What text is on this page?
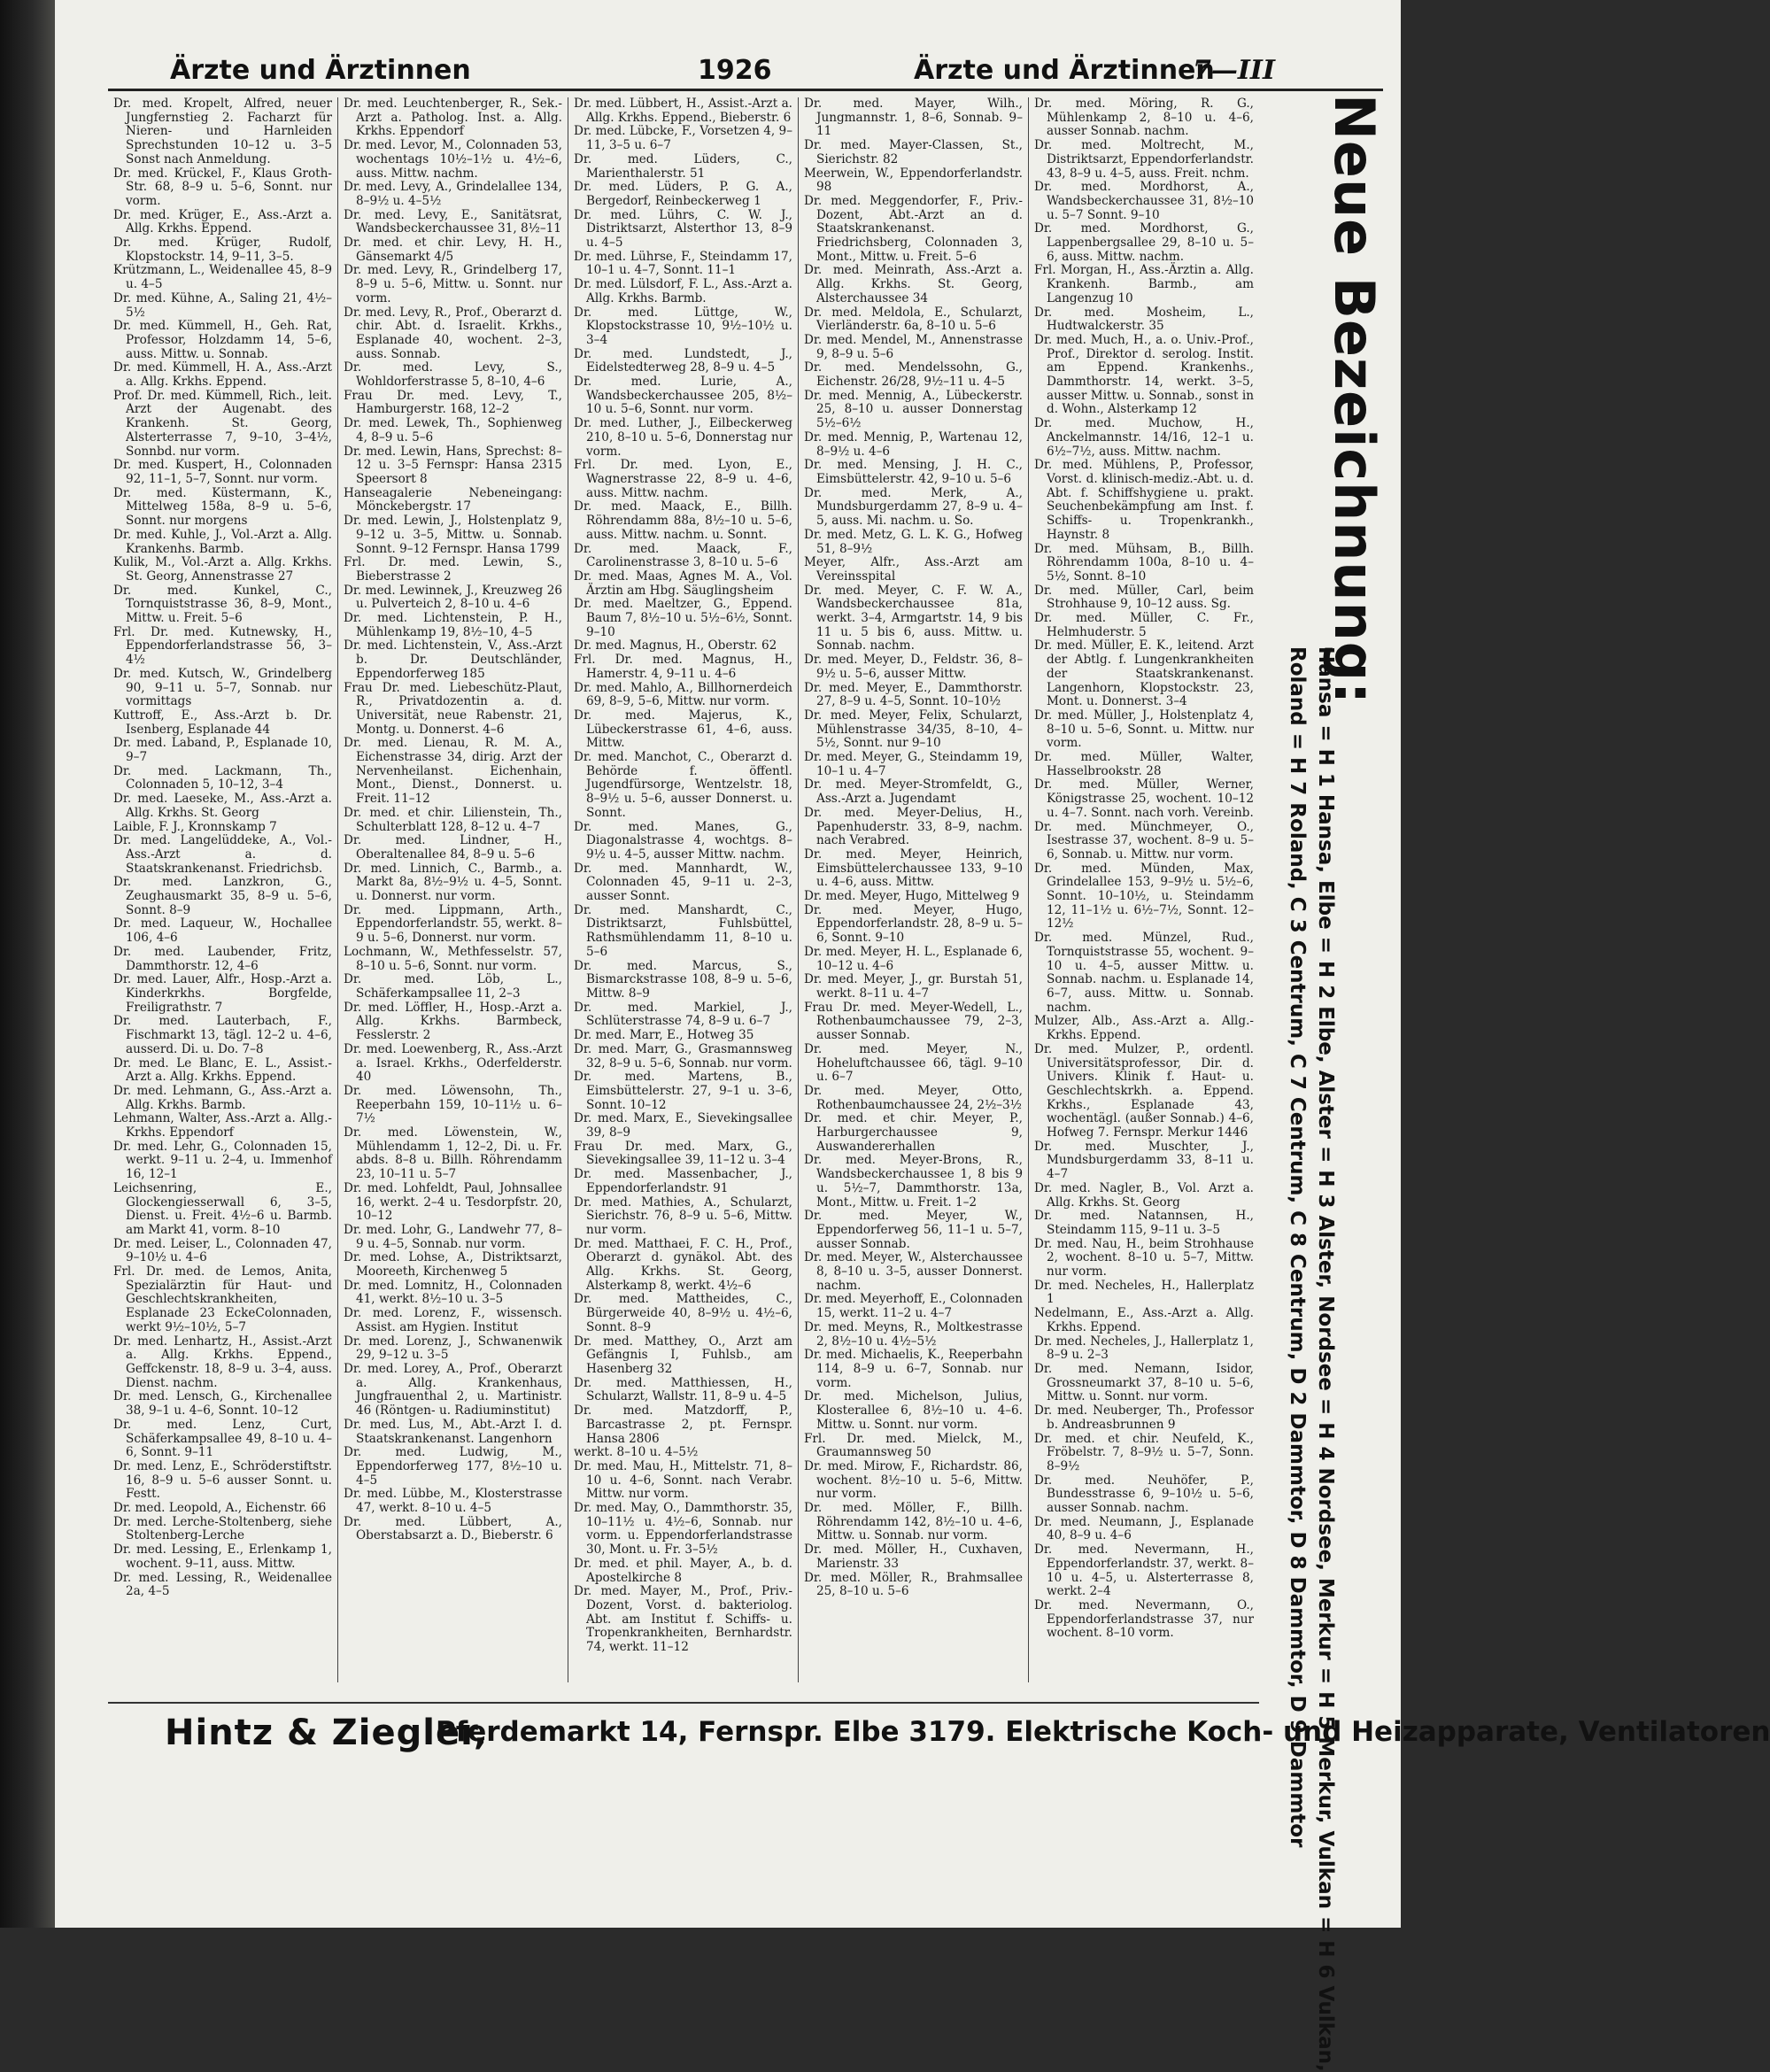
Ärzte und Ärztinnen	1926	Ärzte und Ärztinnen
7—III

Dr. med. Kropelt, Alfred, neuer Jungfernstieg 2. Facharzt für Nieren- und Harnleiden Sprechstunden 10–12 u. 3–5 Sonst nach Anmeldung.

Dr. med. Krückel, F., Klaus Groth-Str. 68, 8–9 u. 5–6, Sonnt. nur vorm.

Dr. med. Krüger, E., Ass.-Arzt a. Allg. Krkhs. Eppend.

Dr. med. Krüger, Rudolf, Klopstockstr. 14, 9–11, 3–5.

Krützmann, L., Weidenallee 45, 8–9 u. 4–5

Dr. med. Kühne, A., Saling 21, 4½–5½

Dr. med. Kümmell, H., Geh. Rat, Professor, Holzdamm 14, 5–6, auss. Mittw. u. Sonnab.

Dr. med. Kümmell, H. A., Ass.-Arzt a. Allg. Krkhs. Eppend.

Prof. Dr. med. Kümmell, Rich., leit. Arzt der Augenabt. des Krankenh. St. Georg, Alsterterrasse 7, 9–10, 3–4½, Sonnbd. nur vorm.

Dr. med. Kuspert, H., Colonnaden 92, 11–1, 5–7, Sonnt. nur vorm.

Dr. med. Küstermann, K., Mittelweg 158a, 8–9 u. 5–6, Sonnt. nur morgens

Dr. med. Kuhle, J., Vol.-Arzt a. Allg. Krankenhs. Barmb.

Kulik, M., Vol.-Arzt a. Allg. Krkhs. St. Georg, Annenstrasse 27

Dr. med. Kunkel, C., Tornquiststrasse 36, 8–9, Mont., Mittw. u. Freit. 5–6

Frl. Dr. med. Kutnewsky, H., Eppendorferlandstrasse 56, 3–4½

Dr. med. Kutsch, W., Grindelberg 90, 9–11 u. 5–7, Sonnab. nur vormittags

Kuttroff, E., Ass.-Arzt b. Dr. Isenberg, Esplanade 44

Dr. med. Laband, P., Esplanade 10, 9–7

Dr. med. Lackmann, Th., Colonnaden 5, 10–12, 3–4

Dr. med. Laeseke, M., Ass.-Arzt a. Allg. Krkhs. St. Georg

Laible, F. J., Kronnskamp 7

Dr. med. Langelüddeke, A., Vol.-Ass.-Arzt a. d. Staatskrankenanst. Friedrichsb.

Dr. med. Lanzkron, G., Zeughausmarkt 35, 8–9 u. 5–6, Sonnt. 8–9

Dr. med. Laqueur, W., Hochallee 106, 4–6

Dr. med. Laubender, Fritz, Dammthorstr. 12, 4–6

Dr. med. Lauer, Alfr., Hosp.-Arzt a. Kinderkrkhs. Borgfelde, Freiligrathstr. 7

Dr. med. Lauterbach, F., Fischmarkt 13, tägl. 12–2 u. 4–6, ausserd. Di. u. Do. 7–8

Dr. med. Le Blanc, E. L., Assist.-Arzt a. Allg. Krkhs. Eppend.

Dr. med. Lehmann, G., Ass.-Arzt a. Allg. Krkhs. Barmb.

Lehmann, Walter, Ass.-Arzt a. Allg.-Krkhs. Eppendorf

Dr. med. Lehr, G., Colonnaden 15, werkt. 9–11 u. 2–4, u. Immenhof 16, 12–1

Leichsenring, E., Glockengiesserwall 6, 3–5, Dienst. u. Freit. 4½–6 u. Barmb. am Markt 41, vorm. 8–10

Dr. med. Leiser, L., Colonnaden 47, 9–10½ u. 4–6

Frl. Dr. med. de Lemos, Anita, Spezialärztin für Haut- und Geschlechtskrankheiten, Esplanade 23 EckeColonnaden, werkt 9½–10½, 5–7

Dr. med. Lenhartz, H., Assist.-Arzt a. Allg. Krkhs. Eppend., Geffckenstr. 18, 8–9 u. 3–4, auss. Dienst. nachm.

Dr. med. Lensch, G., Kirchenallee 38, 9–1 u. 4–6, Sonnt. 10–12

Dr. med. Lenz, Curt, Schäferkampsallee 49, 8–10 u. 4–6, Sonnt. 9–11

Dr. med. Lenz, E., Schröderstiftstr. 16, 8–9 u. 5–6 ausser Sonnt. u. Festt.

Dr. med. Leopold, A., Eichenstr. 66

Dr. med. Lerche-Stoltenberg, siehe Stoltenberg-Lerche

Dr. med. Lessing, E., Erlenkamp 1, wochent. 9–11, auss. Mittw.

Dr. med. Lessing, R., Weidenallee 2a, 4–5

Dr. med. Leuchtenberger, R., Sek.-Arzt a. Patholog. Inst. a. Allg. Krkhs. Eppendorf

Dr. med. Levor, M., Colonnaden 53, wochentags 10½–1½ u. 4½–6, auss. Mittw. nachm.

Dr. med. Levy, A., Grindelallee 134, 8–9½ u. 4–5½

Dr. med. Levy, E., Sanitätsrat, Wandsbeckerchaussee 31, 8½–11

Dr. med. et chir. Levy, H. H., Gänsemarkt 4/5

Dr. med. Levy, R., Grindelberg 17, 8–9 u. 5–6, Mittw. u. Sonnt. nur vorm.

Dr. med. Levy, R., Prof., Oberarzt d. chir. Abt. d. Israelit. Krkhs., Esplanade 40, wochent. 2–3, auss. Sonnab.

Dr. med. Levy, S., Wohldorferstrasse 5, 8–10, 4–6

Frau Dr. med. Levy, T., Hamburgerstr. 168, 12–2

Dr. med. Lewek, Th., Sophienweg 4, 8–9 u. 5–6

Dr. med. Lewin, Hans, Sprechst: 8–12 u. 3–5 Fernspr: Hansa 2315 Speersort 8

Hanseagalerie Nebeneingang: Mönckebergstr. 17

Dr. med. Lewin, J., Holstenplatz 9, 9–12 u. 3–5, Mittw. u. Sonnab. Sonnt. 9–12 Fernspr. Hansa 1799

Frl. Dr. med. Lewin, S., Bieberstrasse 2

Dr. med. Lewinnek, J., Kreuzweg 26 u. Pulverteich 2, 8–10 u. 4–6

Dr. med. Lichtenstein, P. H., Mühlenkamp 19, 8½–10, 4–5

Dr. med. Lichtenstein, V., Ass.-Arzt b. Dr. Deutschländer, Eppendorferweg 185

Frau Dr. med. Liebeschütz-Plaut, R., Privatdozentin a. d. Universität, neue Rabenstr. 21, Montg. u. Donnerst. 4–6

Dr. med. Lienau, R. M. A., Eichenstrasse 34, dirig. Arzt der Nervenheilanst. Eichenhain, Mont., Dienst., Donnerst. u. Freit. 11–12

Dr. med. et chir. Lilienstein, Th., Schulterblatt 128, 8–12 u. 4–7

Dr. med. Lindner, H., Oberaltenallee 84, 8–9 u. 5–6

Dr. med. Linnich, C., Barmb., a. Markt 8a, 8½–9½ u. 4–5, Sonnt. u. Donnerst. nur vorm.

Dr. med. Lippmann, Arth., Eppendorferlandstr. 55, werkt. 8–9 u. 5–6, Donnerst. nur vorm.

Lochmann, W., Methfesselstr. 57, 8–10 u. 5–6, Sonnt. nur vorm.

Dr. med. Löb, L., Schäferkampsallee 11, 2–3

Dr. med. Löffler, H., Hosp.-Arzt a. Allg. Krkhs. Barmbeck, Fesslerstr. 2

Dr. med. Loewenberg, R., Ass.-Arzt a. Israel. Krkhs., Oderfelderstr. 40

Dr. med. Löwensohn, Th., Reeperbahn 159, 10–11½ u. 6–7½

Dr. med. Löwenstein, W., Mühlendamm 1, 12–2, Di. u. Fr. abds. 8–8 u. Billh. Röhrendamm 23, 10–11 u. 5–7

Dr. med. Lohfeldt, Paul, Johnsallee 16, werkt. 2–4 u. Tesdorpfstr. 20, 10–12

Dr. med. Lohr, G., Landwehr 77, 8–9 u. 4–5, Sonnab. nur vorm.

Dr. med. Lohse, A., Distriktsarzt, Mooreeth, Kirchenweg 5

Dr. med. Lomnitz, H., Colonnaden 41, werkt. 8½–10 u. 3–5

Dr. med. Lorenz, F., wissensch. Assist. am Hygien. Institut

Dr. med. Lorenz, J., Schwanenwik 29, 9–12 u. 3–5

Dr. med. Lorey, A., Prof., Oberarzt a. Allg. Krankenhaus, Jungfrauenthal 2, u. Martinistr. 46 (Röntgen- u. Radiuminstitut)

Dr. med. Lus, M., Abt.-Arzt I. d. Staatskrankenanst. Langenhorn

Dr. med. Ludwig, M., Eppendorferweg 177, 8½–10 u. 4–5

Dr. med. Lübbe, M., Klosterstrasse 47, werkt. 8–10 u. 4–5

Dr. med. Lübbert, A., Oberstabsarzt a. D., Bieberstr. 6

Dr. med. Lübbert, H., Assist.-Arzt a. Allg. Krkhs. Eppend., Bieberstr. 6

Dr. med. Lübcke, F., Vorsetzen 4, 9–11, 3–5 u. 6–7

Dr. med. Lüders, C., Marienthalerstr. 51

Dr. med. Lüders, P. G. A., Bergedorf, Reinbeckerweg 1

Dr. med. Lührs, C. W. J., Distriktsarzt, Alsterthor 13, 8–9 u. 4–5

Dr. med. Lührse, F., Steindamm 17, 10–1 u. 4–7, Sonnt. 11–1

Dr. med. Lülsdorf, F. L., Ass.-Arzt a. Allg. Krkhs. Barmb.

Dr. med. Lüttge, W., Klopstockstrasse 10, 9½–10½ u. 3–4

Dr. med. Lundstedt, J., Eidelstedterweg 28, 8–9 u. 4–5

Dr. med. Lurie, A., Wandsbeckerchaussee 205, 8½–10 u. 5–6, Sonnt. nur vorm.

Dr. med. Luther, J., Eilbeckerweg 210, 8–10 u. 5–6, Donnerstag nur vorm.

Frl. Dr. med. Lyon, E., Wagnerstrasse 22, 8–9 u. 4–6, auss. Mittw. nachm.

Dr. med. Maack, E., Billh. Röhrendamm 88a, 8½–10 u. 5–6, auss. Mittw. nachm. u. Sonnt.

Dr. med. Maack, F., Carolinenstrasse 3, 8–10 u. 5–6

Dr. med. Maas, Agnes M. A., Vol. Ärztin am Hbg. Säuglingsheim

Dr. med. Maeltzer, G., Eppend. Baum 7, 8½–10 u. 5½–6½, Sonnt. 9–10

Dr. med. Magnus, H., Oberstr. 62

Frl. Dr. med. Magnus, H., Hamerstr. 4, 9–11 u. 4–6

Dr. med. Mahlo, A., Billhornerdeich 69, 8–9, 5–6, Mittw. nur vorm.

Dr. med. Majerus, K., Lübeckerstrasse 61, 4–6, auss. Mittw.

Dr. med. Manchot, C., Oberarzt d. Behörde f. öffentl. Jugendfürsorge, Wentzelstr. 18, 8–9½ u. 5–6, ausser Donnerst. u. Sonnt.

Dr. med. Manes, G., Diagonalstrasse 4, wochtgs. 8–9½ u. 4–5, ausser Mittw. nachm.

Dr. med. Mannhardt, W., Colonnaden 45, 9–11 u. 2–3, ausser Sonnt.

Dr. med. Manshardt, C., Distriktsarzt, Fuhlsbüttel, Rathsmühlendamm 11, 8–10 u. 5–6

Dr. med. Marcus, S., Bismarckstrasse 108, 8–9 u. 5–6, Mittw. 8–9

Dr. med. Markiel, J., Schlüterstrasse 74, 8–9 u. 6–7

Dr. med. Marr, E., Hotweg 35

Dr. med. Marr, G., Grasmannsweg 32, 8–9 u. 5–6, Sonnab. nur vorm.

Dr. med. Martens, B., Eimsbüttelerstr. 27, 9–1 u. 3–6, Sonnt. 10–12

Dr. med. Marx, E., Sievekingsallee 39, 8–9

Frau Dr. med. Marx, G., Sievekingsallee 39, 11–12 u. 3–4

Dr. med. Massenbacher, J., Eppendorferlandstr. 91

Dr. med. Mathies, A., Schularzt, Sierichstr. 76, 8–9 u. 5–6, Mittw. nur vorm.

Dr. med. Matthaei, F. C. H., Prof., Oberarzt d. gynäkol. Abt. des Allg. Krkhs. St. Georg, Alsterkamp 8, werkt. 4½–6

Dr. med. Mattheides, C., Bürgerweide 40, 8–9½ u. 4½–6, Sonnt. 8–9

Dr. med. Matthey, O., Arzt am Gefängnis I, Fuhlsb., am Hasenberg 32

Dr. med. Matthiessen, H., Schularzt, Wallstr. 11, 8–9 u. 4–5

Dr. med. Matzdorff, P., Barcastrasse 2, pt. Fernspr. Hansa 2806

werkt. 8–10 u. 4–5½

Dr. med. Mau, H., Mittelstr. 71, 8–10 u. 4–6, Sonnt. nach Verabr. Mittw. nur vorm.

Dr. med. May, O., Dammthorstr. 35, 10–11½ u. 4½–6, Sonnab. nur vorm. u. Eppendorferlandstrasse 30, Mont. u. Fr. 3–5½

Dr. med. et phil. Mayer, A., b. d. Apostelkirche 8

Dr. med. Mayer, M., Prof., Priv.-Dozent, Vorst. d. bakteriolog. Abt. am Institut f. Schiffs- u. Tropenkrankheiten, Bernhardstr. 74, werkt. 11–12

Dr. med. Mayer, Wilh., Jungmannstr. 1, 8–6, Sonnab. 9–11

Dr. med. Mayer-Classen, St., Sierichstr. 82

Meerwein, W., Eppendorferlandstr. 98

Dr. med. Meggendorfer, F., Priv.-Dozent, Abt.-Arzt an d. Staatskrankenanst. Friedrichsberg, Colonnaden 3, Mont., Mittw. u. Freit. 5–6

Dr. med. Meinrath, Ass.-Arzt a. Allg. Krkhs. St. Georg, Alsterchaussee 34

Dr. med. Meldola, E., Schularzt, Vierländerstr. 6a, 8–10 u. 5–6

Dr. med. Mendel, M., Annenstrasse 9, 8–9 u. 5–6

Dr. med. Mendelssohn, G., Eichenstr. 26/28, 9½–11 u. 4–5

Dr. med. Mennig, A., Lübeckerstr. 25, 8–10 u. ausser Donnerstag 5½–6½

Dr. med. Mennig, P., Wartenau 12, 8–9½ u. 4–6

Dr. med. Mensing, J. H. C., Eimsbüttelerstr. 42, 9–10 u. 5–6

Dr. med. Merk, A., Mundsburgerdamm 27, 8–9 u. 4–5, auss. Mi. nachm. u. So.

Dr. med. Metz, G. L. K. G., Hofweg 51, 8–9½

Meyer, Alfr., Ass.-Arzt am Vereinsspital

Dr. med. Meyer, C. F. W. A., Wandsbeckerchaussee 81a, werkt. 3–4, Armgartstr. 14, 9 bis 11 u. 5 bis 6, auss. Mittw. u. Sonnab. nachm.

Dr. med. Meyer, D., Feldstr. 36, 8–9½ u. 5–6, ausser Mittw.

Dr. med. Meyer, E., Dammthorstr. 27, 8–9 u. 4–5, Sonnt. 10–10½

Dr. med. Meyer, Felix, Schularzt, Mühlenstrasse 34/35, 8–10, 4–5½, Sonnt. nur 9–10

Dr. med. Meyer, G., Steindamm 19, 10–1 u. 4–7

Dr. med. Meyer-Stromfeldt, G., Ass.-Arzt a. Jugendamt

Dr. med. Meyer-Delius, H., Papenhuderstr. 33, 8–9, nachm. nach Verabred.

Dr. med. Meyer, Heinrich, Eimsbüttelerchaussee 133, 9–10 u. 4–6, auss. Mittw.

Dr. med. Meyer, Hugo, Mittelweg 9

Dr. med. Meyer, Hugo, Eppendorferlandstr. 28, 8–9 u. 5–6, Sonnt. 9–10

Dr. med. Meyer, H. L., Esplanade 6, 10–12 u. 4–6

Dr. med. Meyer, J., gr. Burstah 51, werkt. 8–11 u. 4–7

Frau Dr. med. Meyer-Wedell, L., Rothenbaumchaussee 79, 2–3, ausser Sonnab.

Dr. med. Meyer, N., Hoheluftchaussee 66, tägl. 9–10 u. 6–7

Dr. med. Meyer, Otto, Rothenbaumchaussee 24, 2½–3½

Dr. med. et chir. Meyer, P., Harburgerchaussee 9, Auswandererhallen

Dr. med. Meyer-Brons, R., Wandsbeckerchaussee 1, 8 bis 9 u. 5½–7, Dammthorstr. 13a, Mont., Mittw. u. Freit. 1–2

Dr. med. Meyer, W., Eppendorferweg 56, 11–1 u. 5–7, ausser Sonnab.

Dr. med. Meyer, W., Alsterchaussee 8, 8–10 u. 3–5, ausser Donnerst. nachm.

Dr. med. Meyerhoff, E., Colonnaden 15, werkt. 11–2 u. 4–7

Dr. med. Meyns, R., Moltkestrasse 2, 8½–10 u. 4½–5½

Dr. med. Michaelis, K., Reeperbahn 114, 8–9 u. 6–7, Sonnab. nur vorm.

Dr. med. Michelson, Julius, Klosterallee 6, 8½–10 u. 4–6. Mittw. u. Sonnt. nur vorm.

Frl. Dr. med. Mielck, M., Graumannsweg 50

Dr. med. Mirow, F., Richardstr. 86, wochent. 8½–10 u. 5–6, Mittw. nur vorm.

Dr. med. Möller, F., Billh. Röhrendamm 142, 8½–10 u. 4–6, Mittw. u. Sonnab. nur vorm.

Dr. med. Möller, H., Cuxhaven, Marienstr. 33

Dr. med. Möller, R., Brahmsallee 25, 8–10 u. 5–6

Dr. med. Möring, R. G., Mühlenkamp 2, 8–10 u. 4–6, ausser Sonnab. nachm.

Dr. med. Moltrecht, M., Distriktsarzt, Eppendorferlandstr. 43, 8–9 u. 4–5, auss. Freit. nchm.

Dr. med. Mordhorst, A., Wandsbeckerchaussee 31, 8½–10 u. 5–7 Sonnt. 9–10

Dr. med. Mordhorst, G., Lappenbergsallee 29, 8–10 u. 5–6, auss. Mittw. nachm.

Frl. Morgan, H., Ass.-Ärztin a. Allg. Krankenh. Barmb., am Langenzug 10

Dr. med. Mosheim, L., Hudtwalckerstr. 35

Dr. med. Much, H., a. o. Univ.-Prof., Prof., Direktor d. serolog. Instit. am Eppend. Krankenhs., Dammthorstr. 14, werkt. 3–5, ausser Mittw. u. Sonnab., sonst in d. Wohn., Alsterkamp 12

Dr. med. Muchow, H., Anckelmannstr. 14/16, 12–1 u. 6½–7½, auss. Mittw. nachm.

Dr. med. Mühlens, P., Professor, Vorst. d. klinisch-mediz.-Abt. u. d. Abt. f. Schiffshygiene u. prakt. Seuchenbekämpfung am Inst. f. Schiffs- u. Tropenkrankh., Haynstr. 8

Dr. med. Mühsam, B., Billh. Röhrendamm 100a, 8–10 u. 4–5½, Sonnt. 8–10

Dr. med. Müller, Carl, beim Strohhause 9, 10–12 auss. Sg.

Dr. med. Müller, C. Fr., Helmhuderstr. 5

Dr. med. Müller, E. K., leitend. Arzt der Abtlg. f. Lungenkrankheiten der Staatskrankenanst. Langenhorn, Klopstockstr. 23, Mont. u. Donnerst. 3–4

Dr. med. Müller, J., Holstenplatz 4, 8–10 u. 5–6, Sonnt. u. Mittw. nur vorm.

Dr. med. Müller, Walter, Hasselbrookstr. 28

Dr. med. Müller, Werner, Königstrasse 25, wochent. 10–12 u. 4–7. Sonnt. nach vorh. Vereinb.

Dr. med. Münchmeyer, O., Isestrasse 37, wochent. 8–9 u. 5–6, Sonnab. u. Mittw. nur vorm.

Dr. med. Münden, Max, Grindelallee 153, 9–9½ u. 5½–6, Sonnt. 10–10½, u. Steindamm 12, 11–1½ u. 6½–7½, Sonnt. 12–12½

Dr. med. Münzel, Rud., Tornquiststrasse 55, wochent. 9–10 u. 4–5, ausser Mittw. u. Sonnab. nachm. u. Esplanade 14, 6–7, auss. Mittw. u. Sonnab. nachm.

Mulzer, Alb., Ass.-Arzt a. Allg.-Krkhs. Eppend.

Dr. med. Mulzer, P., ordentl. Universitätsprofessor, Dir. d. Univers. Klinik f. Haut- u. Geschlechtskrkh. a. Eppend. Krkhs., Esplanade 43, wochentägl. (außer Sonnab.) 4–6, Hofweg 7. Fernspr. Merkur 1446

Dr. med. Muschter, J., Mundsburgerdamm 33, 8–11 u. 4–7

Dr. med. Nagler, B., Vol. Arzt a. Allg. Krkhs. St. Georg

Dr. med. Natannsen, H., Steindamm 115, 9–11 u. 3–5

Dr. med. Nau, H., beim Strohhause 2, wochent. 8–10 u. 5–7, Mittw. nur vorm.

Dr. med. Necheles, H., Hallerplatz 1

Nedelmann, E., Ass.-Arzt a. Allg. Krkhs. Eppend.

Dr. med. Necheles, J., Hallerplatz 1, 8–9 u. 2–3

Dr. med. Nemann, Isidor, Grossneumarkt 37, 8–10 u. 5–6, Mittw. u. Sonnt. nur vorm.

Dr. med. Neuberger, Th., Professor b. Andreasbrunnen 9

Dr. med. et chir. Neufeld, K., Fröbelstr. 7, 8–9½ u. 5–7, Sonn. 8–9½

Dr. med. Neuhöfer, P., Bundesstrasse 6, 9–10½ u. 5–6, ausser Sonnab. nachm.

Dr. med. Neumann, J., Esplanade 40, 8–9 u. 4–6

Dr. med. Nevermann, H., Eppendorferlandstr. 37, werkt. 8–10 u. 4–5, u. Alsterterrasse 8, werkt. 2–4

Dr. med. Nevermann, O., Eppendorferlandstrasse 37, nur wochent. 8–10 vorm.

Neue Bezeichnung:
Hansa = H 1 Hansa, Elbe = H 2 Elbe, Alster = H 3 Alster, Nordsee = H 4 Nordsee, Merkur = H 5 Merkur, Vulkan = H 6 Vulkan,
Roland = H 7 Roland, C 3 Centrum, C 7 Centrum, C 8 Centrum, D 2 Dammtor, D 8 Dammtor, D 9 Dammtor
Hintz & Ziegler,
Pferdemarkt 14, Fernspr. Elbe 3179. Elektrische Koch- und Heizapparate, Ventilatoren
